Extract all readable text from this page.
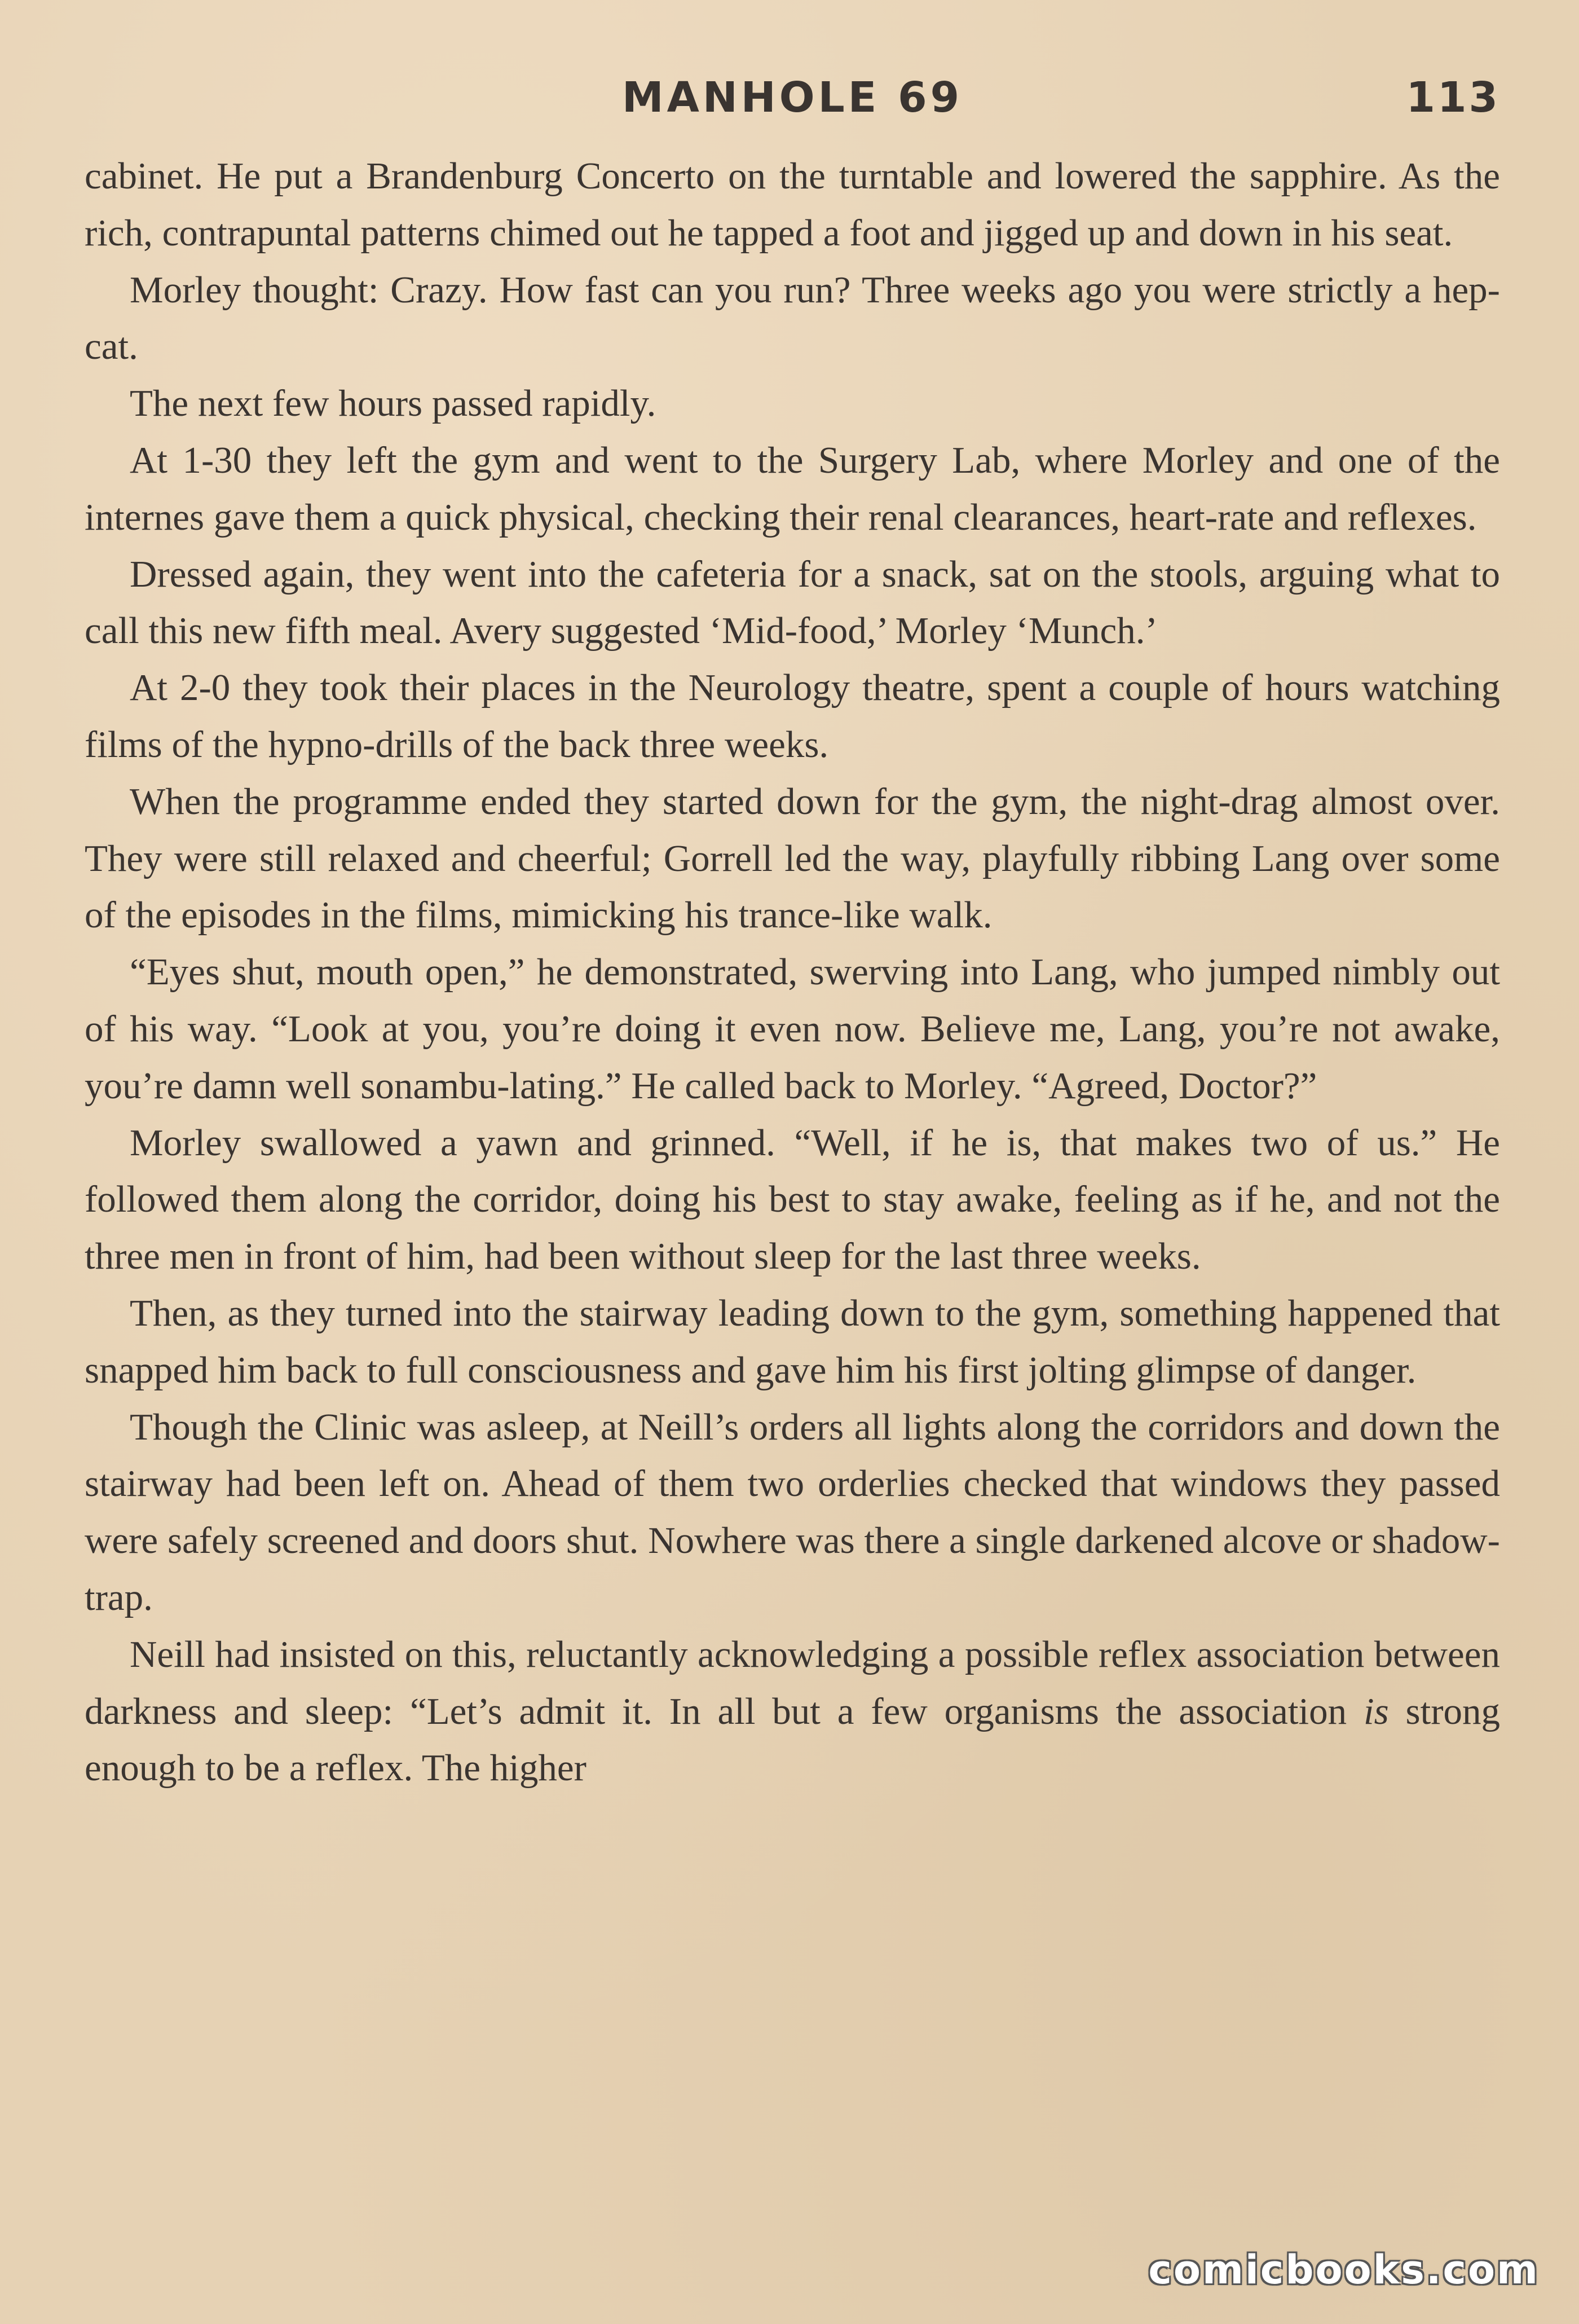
MANHOLE 69	113

cabinet. He put a Brandenburg Concerto on the turntable and lowered the sapphire. As the rich, contrapuntal patterns chimed out he tapped a foot and jigged up and down in his seat.

Morley thought: Crazy. How fast can you run? Three weeks ago you were strictly a hep-cat.

The next few hours passed rapidly.

At 1-30 they left the gym and went to the Surgery Lab, where Morley and one of the internes gave them a quick physical, checking their renal clearances, heart-rate and reflexes.

Dressed again, they went into the cafeteria for a snack, sat on the stools, arguing what to call this new fifth meal. Avery suggested ‘Mid-food,’ Morley ‘Munch.’

At 2-0 they took their places in the Neurology theatre, spent a couple of hours watching films of the hypno-drills of the back three weeks.

When the programme ended they started down for the gym, the night-drag almost over. They were still relaxed and cheerful; Gorrell led the way, playfully ribbing Lang over some of the episodes in the films, mimicking his trance-like walk.

“Eyes shut, mouth open,” he demonstrated, swerving into Lang, who jumped nimbly out of his way. “Look at you, you’re doing it even now. Believe me, Lang, you’re not awake, you’re damn well sonambu-lating.” He called back to Morley. “Agreed, Doctor?”

Morley swallowed a yawn and grinned. “Well, if he is, that makes two of us.” He followed them along the corridor, doing his best to stay awake, feeling as if he, and not the three men in front of him, had been without sleep for the last three weeks.

Then, as they turned into the stairway leading down to the gym, something happened that snapped him back to full consciousness and gave him his first jolting glimpse of danger.

Though the Clinic was asleep, at Neill’s orders all lights along the corridors and down the stairway had been left on. Ahead of them two orderlies checked that windows they passed were safely screened and doors shut. Nowhere was there a single darkened alcove or shadow-trap.

Neill had insisted on this, reluctantly acknowledging a possible reflex association between darkness and sleep: “Let’s admit it. In all but a few organisms the association is strong enough to be a reflex. The higher

comicbooks.com
